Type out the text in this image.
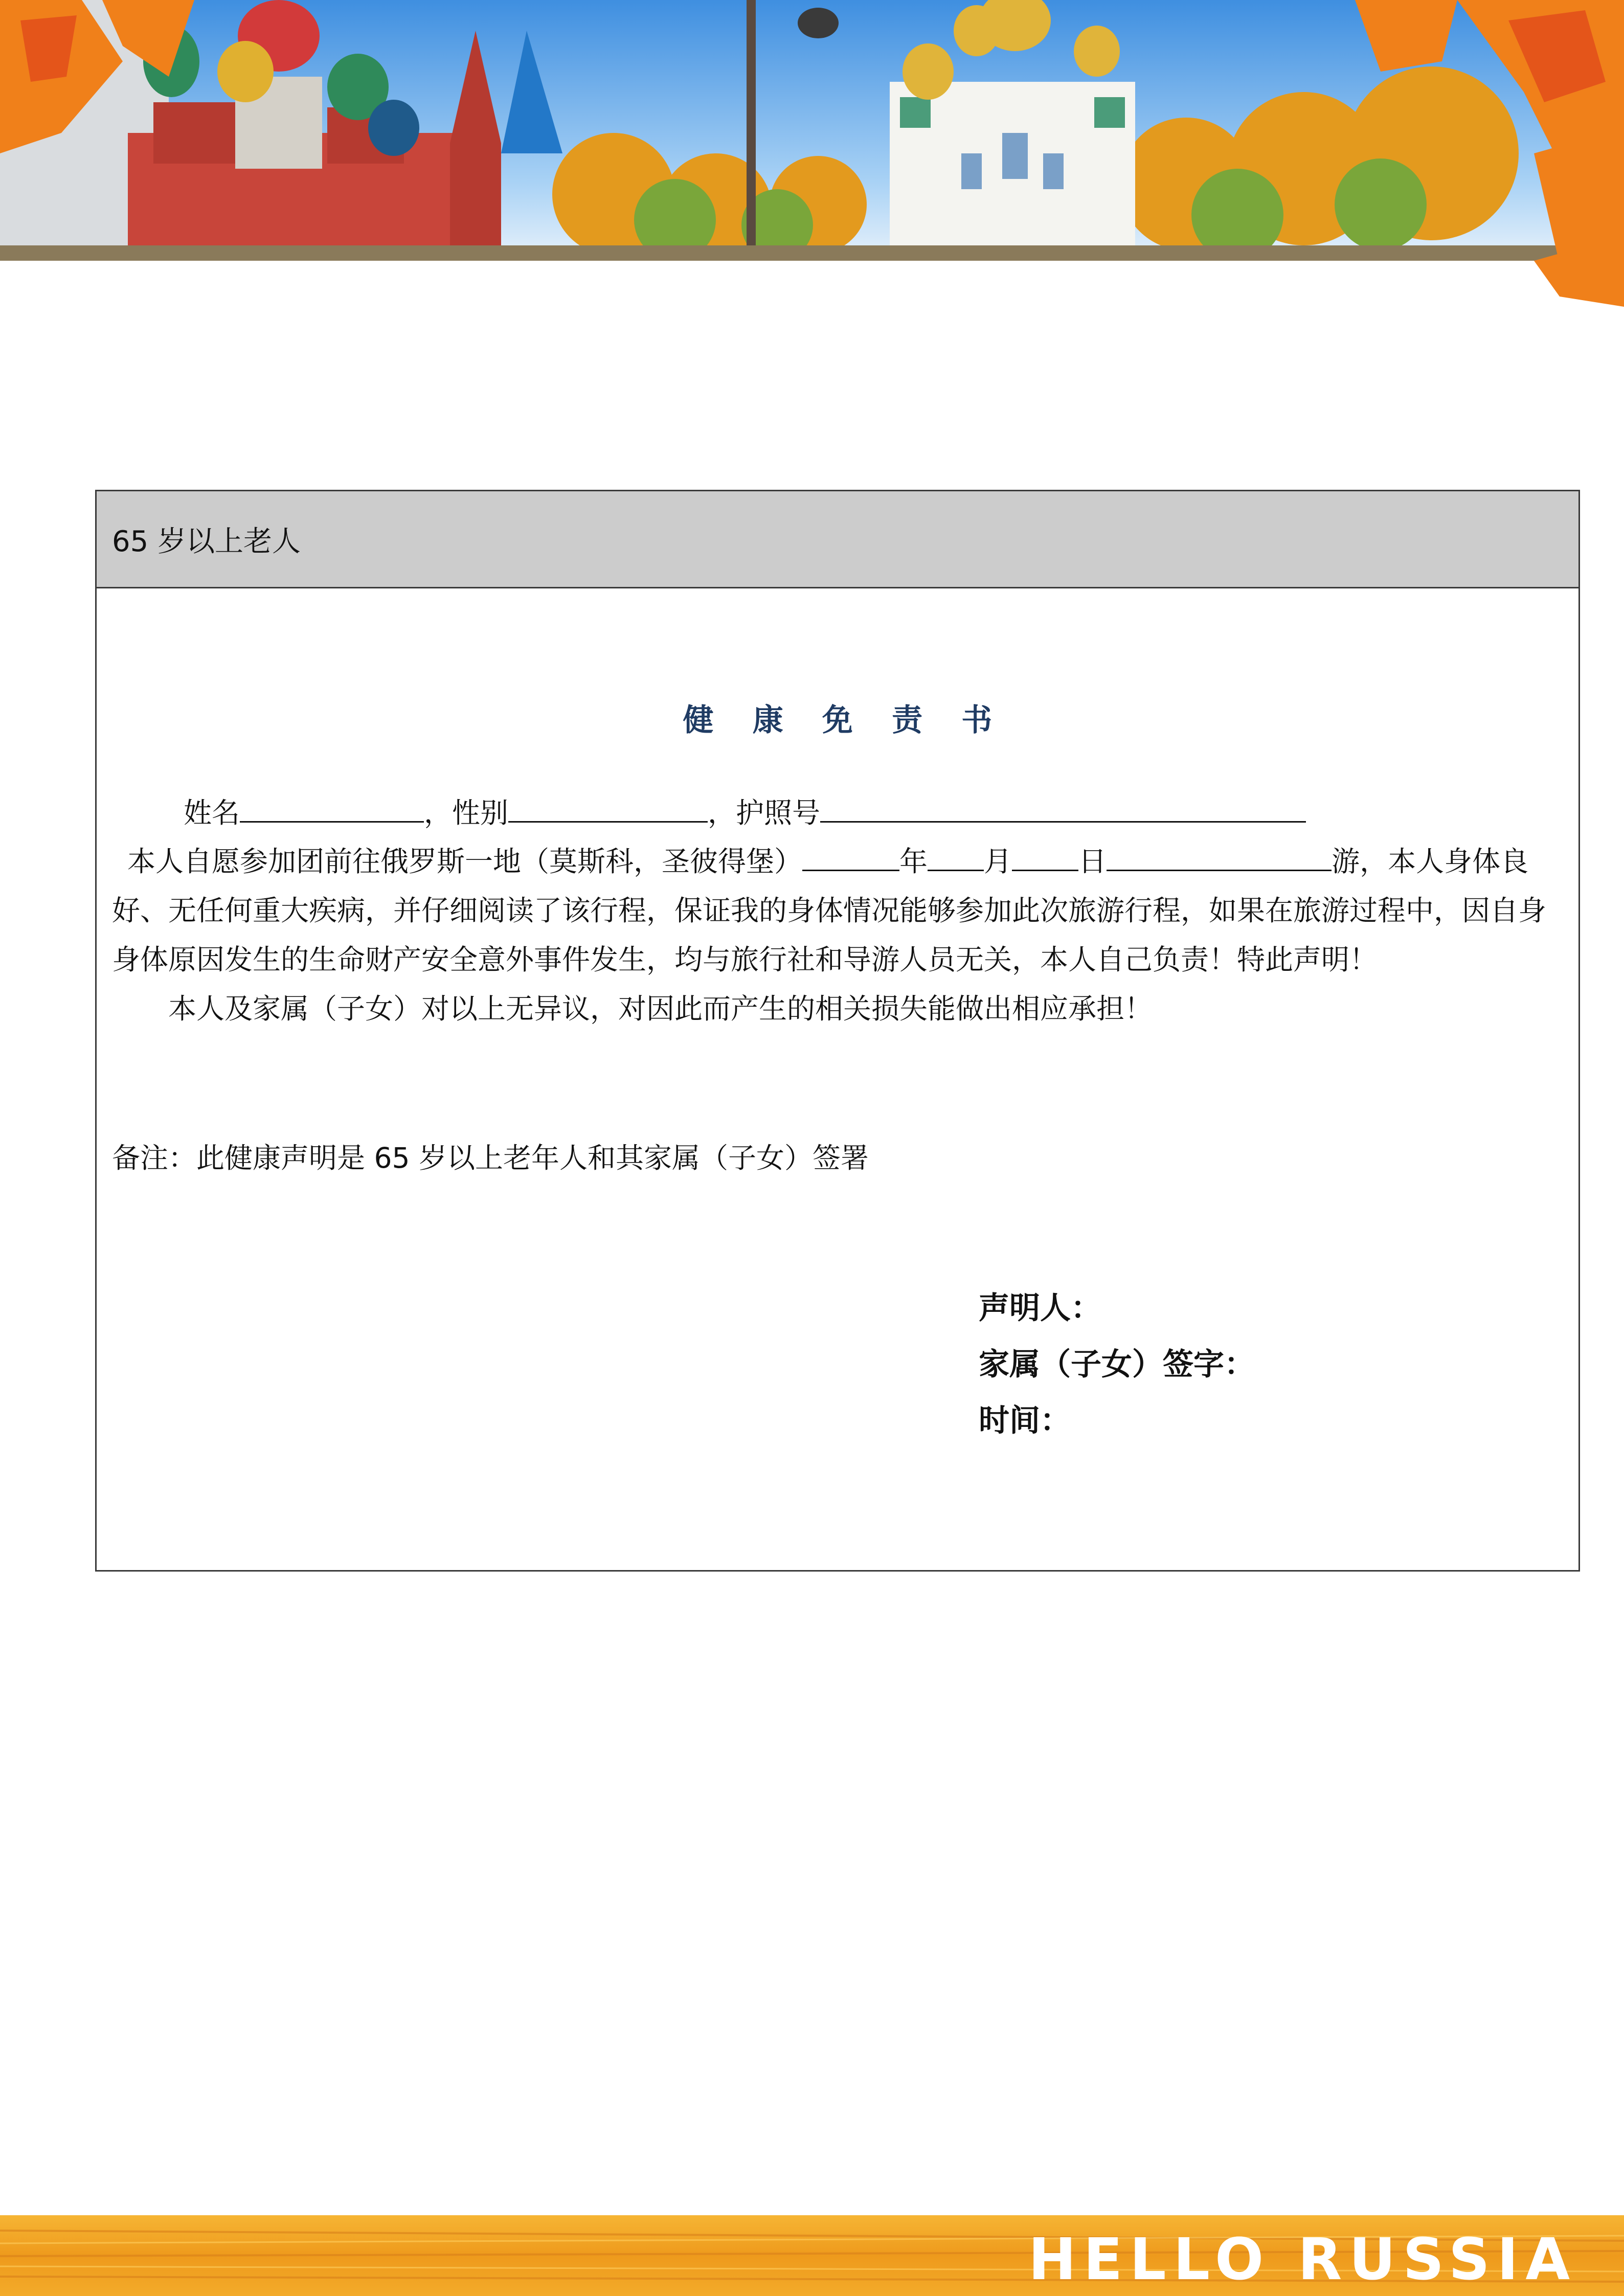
65 岁以上老人
健 康 免 责 书
姓名	，性别	，护照号
本人自愿参加团前往俄罗斯一地（莫斯科，圣彼得堡）	年 月 日	游，本人身体良
好、无任何重大疾病，并仔细阅读了该行程，保证我的身体情况能够参加此次旅游行程，如果在旅游过程中，因自身
身体原因发生的生命财产安全意外事件发生，均与旅行社和导游人员无关，本人自己负责！特此声明！
本人及家属（子女）对以上无异议，对因此而产生的相关损失能做出相应承担！
备注：此健康声明是 65 岁以上老年人和其家属（子女）签署
声明人：
家属（子女）签字：
时间：
HELLO RUSSIA
